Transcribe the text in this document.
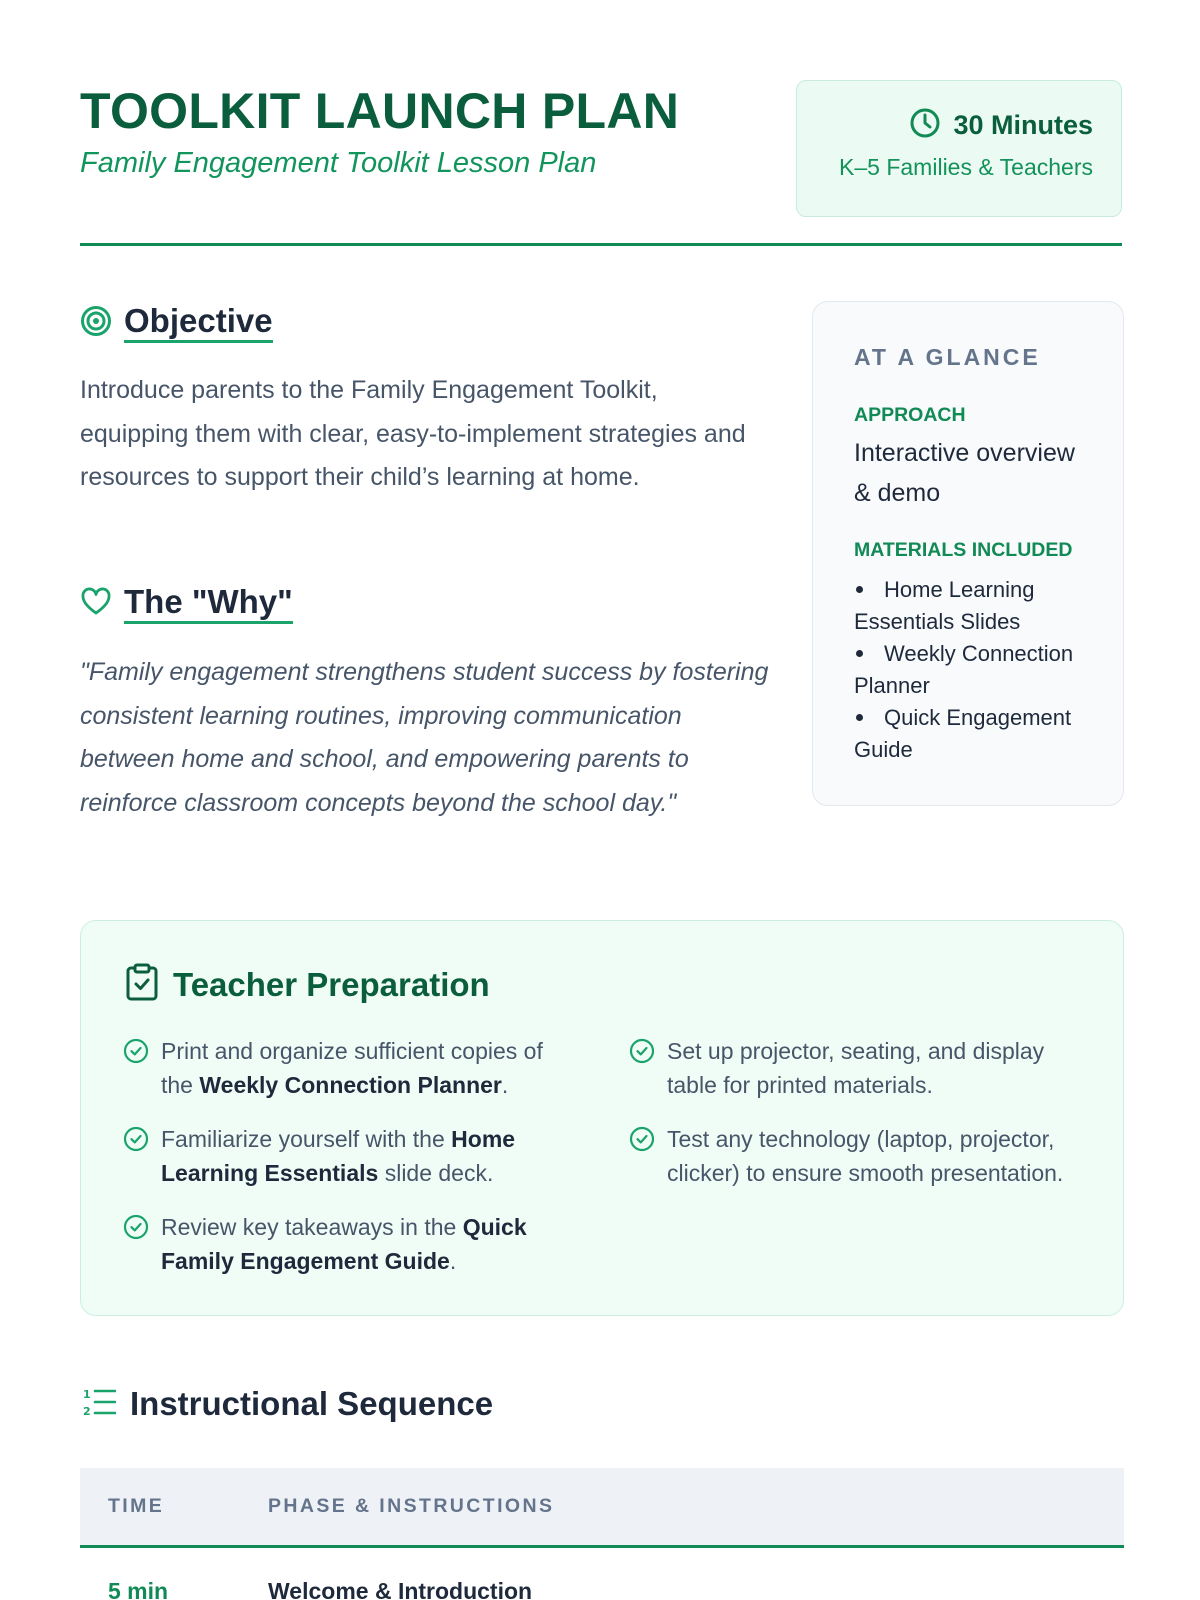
TOOLKIT LAUNCH PLAN
Family Engagement Toolkit Lesson Plan
30 Minutes
K–5 Families & Teachers
Objective

Introduce parents to the Family Engagement Toolkit, equipping them with clear, easy-to-implement strategies and resources to support their child’s learning at home.

The "Why"

"Family engagement strengthens student success by fostering consistent learning routines, improving communication between home and school, and empowering parents to reinforce classroom concepts beyond the school day."

AT A GLANCE
APPROACH
Interactive overview & demo
MATERIALS INCLUDED
Home Learning Essentials Slides
Weekly Connection Planner
Quick Engagement Guide
Teacher Preparation
Print and organize sufficient copies of the Weekly Connection Planner.
Familiarize yourself with the Home Learning Essentials slide deck.
Review key takeaways in the Quick Family Engagement Guide.
Set up projector, seating, and display table for printed materials.
Test any technology (laptop, projector, clicker) to ensure smooth presentation.
1
2 Instructional Sequence
TIME	PHASE & INSTRUCTIONS
5 min	Welcome & Introduction
